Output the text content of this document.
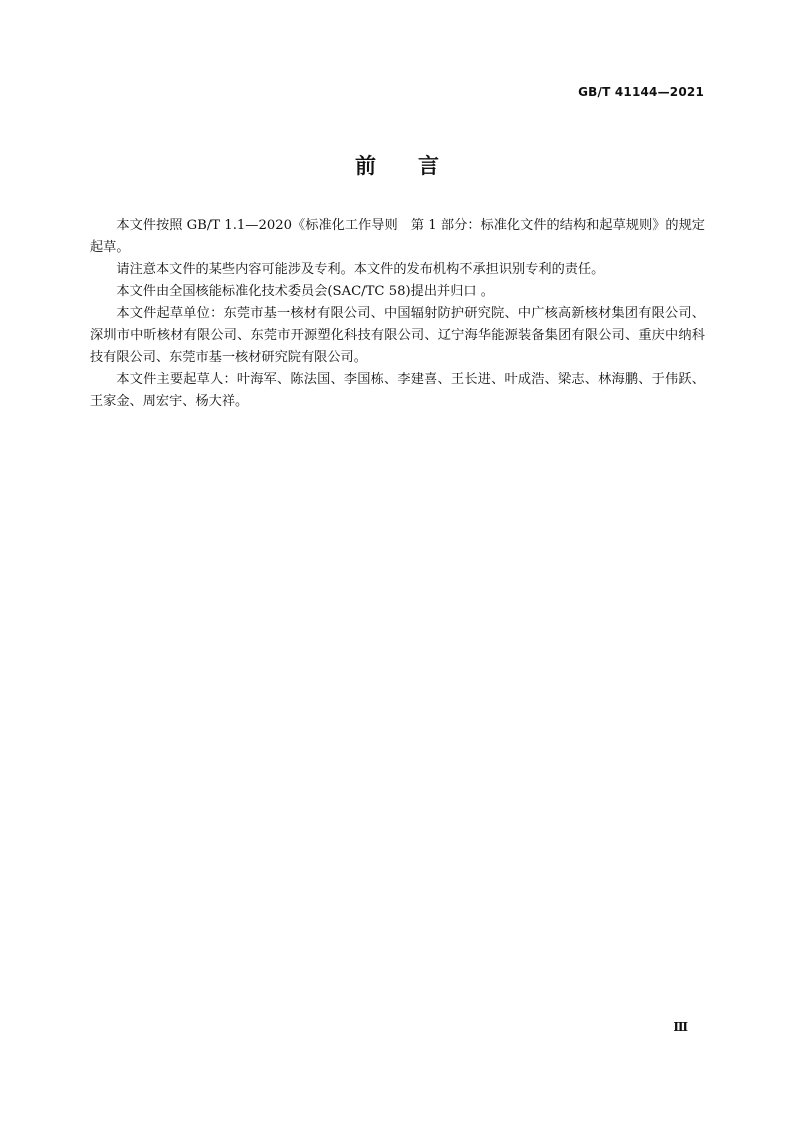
GB/T 41144—2021
前 言

本文件按照 GB/T 1.1—2020《标准化工作导则　第 1 部分：标准化文件的结构和起草规则》的规定起草。

请注意本文件的某些内容可能涉及专利。本文件的发布机构不承担识别专利的责任。

本文件由全国核能标准化技术委员会(SAC/TC 58)提出并归口 。

本文件起草单位：东莞市基一核材有限公司、中国辐射防护研究院、中广核高新核材集团有限公司、深圳市中昕核材有限公司、东莞市开源塑化科技有限公司、辽宁海华能源装备集团有限公司、重庆中纳科技有限公司、东莞市基一核材研究院有限公司。

本文件主要起草人：叶海军、陈法国、李国栋、李建喜、王长进、叶成浩、梁志、林海鹏、于伟跃、王家金、周宏宇、杨大祥。

Ⅲ
